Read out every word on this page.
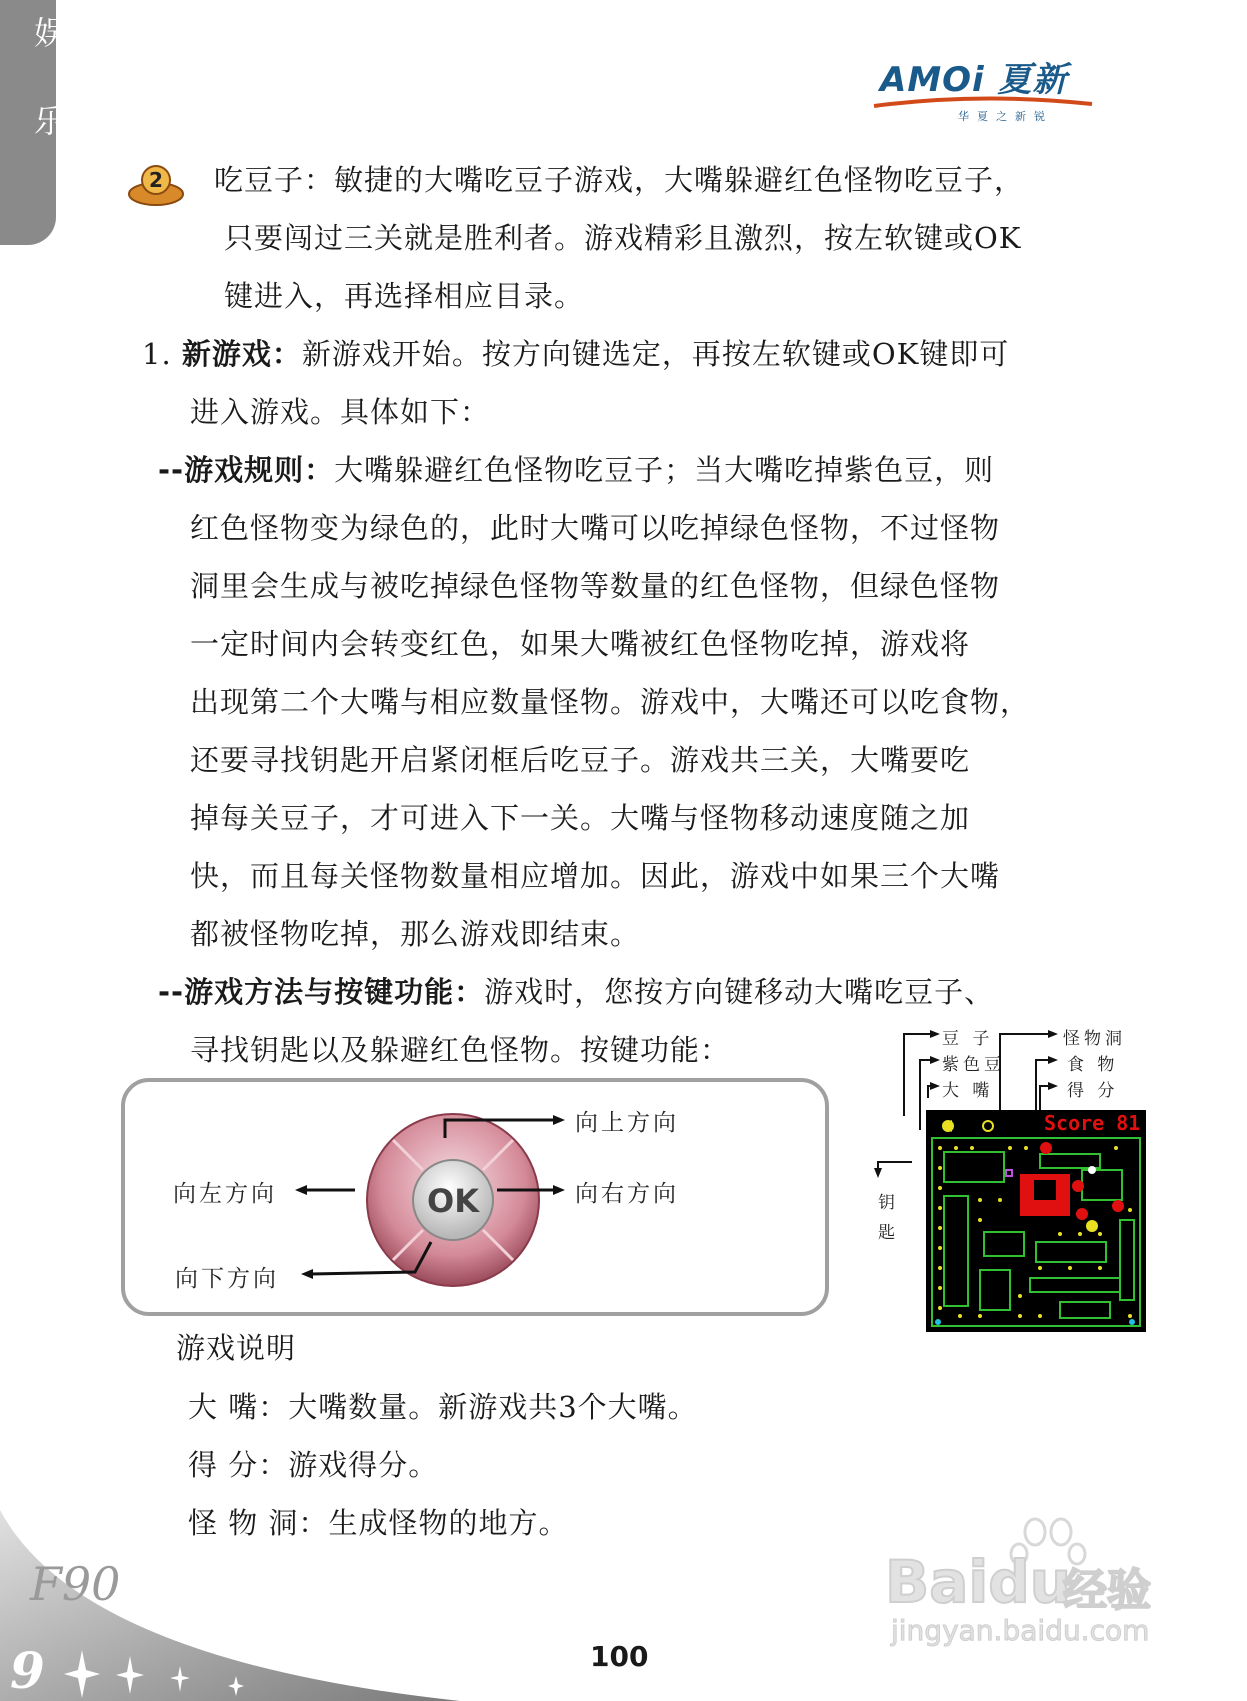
娱
乐
AMOi 夏新
华夏之新锐
2 吃豆子：敏捷的大嘴吃豆子游戏，大嘴躲避红色怪物吃豆子，
只要闯过三关就是胜利者。游戏精彩且激烈，按左软键或OK
键进入，再选择相应目录。
1. 新游戏：新游戏开始。按方向键选定，再按左软键或OK键即可
进入游戏。具体如下：
--游戏规则：大嘴躲避红色怪物吃豆子；当大嘴吃掉紫色豆，则
红色怪物变为绿色的，此时大嘴可以吃掉绿色怪物，不过怪物
洞里会生成与被吃掉绿色怪物等数量的红色怪物，但绿色怪物
一定时间内会转变红色，如果大嘴被红色怪物吃掉，游戏将
出现第二个大嘴与相应数量怪物。游戏中，大嘴还可以吃食物，
还要寻找钥匙开启紧闭框后吃豆子。游戏共三关，大嘴要吃
掉每关豆子，才可进入下一关。大嘴与怪物移动速度随之加
快，而且每关怪物数量相应增加。因此，游戏中如果三个大嘴
都被怪物吃掉，那么游戏即结束。
--游戏方法与按键功能：游戏时，您按方向键移动大嘴吃豆子、
寻找钥匙以及躲避红色怪物。按键功能：
OK
向上方向
向左方向	向右方向
向下方向
豆 子
紫色豆
大 嘴
怪物洞
食 物
得 分
钥
匙
Score 81
游戏说明
大 嘴：大嘴数量。新游戏共3个大嘴。
得 分：游戏得分。
怪 物 洞：生成怪物的地方。
F90
9	100
Baidu
经验
jingyan.baidu.com
